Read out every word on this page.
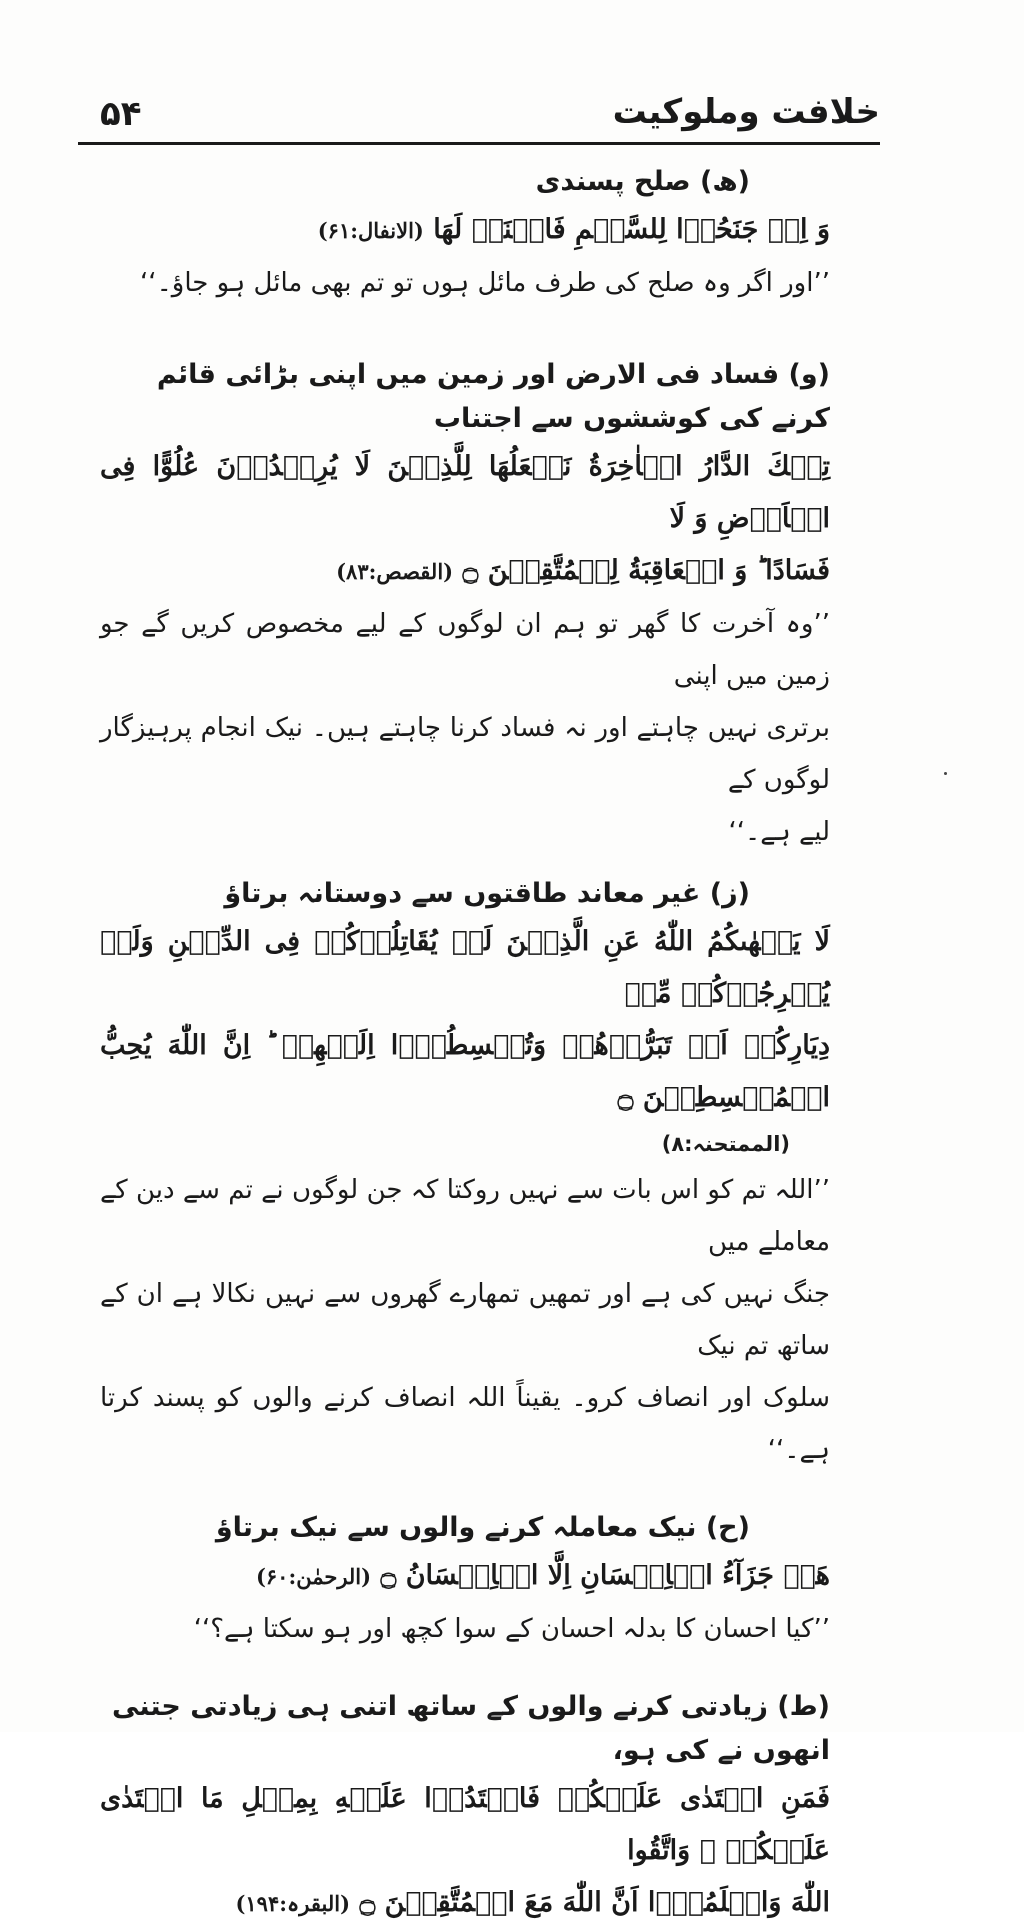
۵۴	خلافت وملوکیت

(ھ) صلح پسندی

وَ اِنۡ جَنَحُوۡا لِلسَّلۡمِ فَاجۡنَحۡ لَهَا (الانفال:۶۱)

’’اور اگر وہ صلح کی طرف مائل ہوں تو تم بھی مائل ہو جاؤ۔‘‘

(و) فساد فی الارض اور زمین میں اپنی بڑائی قائم کرنے کی کوششوں سے اجتناب

تِلۡكَ الدَّارُ الۡاٰخِرَةُ نَجۡعَلُهَا لِلَّذِيۡنَ لَا يُرِيۡدُوۡنَ عُلُوًّا فِى الۡاَرۡضِ وَ لَا

فَسَادًا ؕ وَ الۡعَاقِبَةُ لِلۡمُتَّقِيۡنَ ۝ (القصص:۸۳)

’’وہ آخرت کا گھر تو ہم ان لوگوں کے لیے مخصوص کریں گے جو زمین میں اپنی

برتری نہیں چاہتے اور نہ فساد کرنا چاہتے ہیں۔ نیک انجام پرہیزگار لوگوں کے

لیے ہے۔‘‘

(ز) غیر معاند طاقتوں سے دوستانہ برتاؤ

لَا يَنۡهٰٮكُمُ اللّٰهُ عَنِ الَّذِيۡنَ لَمۡ يُقَاتِلُوۡكُمۡ فِى الدِّيۡنِ وَلَمۡ يُخۡرِجُوۡكُمۡ مِّنۡ

دِيَارِكُمۡ اَنۡ تَبَرُّوۡهُمۡ وَتُقۡسِطُوۡۤا اِلَيۡهِمۡ ؕ اِنَّ اللّٰهَ يُحِبُّ الۡمُقۡسِطِيۡنَ ۝

(الممتحنہ:۸)

’’اللہ تم کو اس بات سے نہیں روکتا کہ جن لوگوں نے تم سے دین کے معاملے میں

جنگ نہیں کی ہے اور تمھیں تمھارے گھروں سے نہیں نکالا ہے ان کے ساتھ تم نیک

سلوک اور انصاف کرو۔ یقیناً اللہ انصاف کرنے والوں کو پسند کرتا ہے۔‘‘

(ح) نیک معاملہ کرنے والوں سے نیک برتاؤ

هَلۡ جَزَآءُ الۡاِحۡسَانِ اِلَّا الۡاِحۡسَانُ ۝ (الرحمٰن:۶۰)

’’کیا احسان کا بدلہ احسان کے سوا کچھ اور ہو سکتا ہے؟‘‘

(ط) زیادتی کرنے والوں کے ساتھ اتنی ہی زیادتی جتنی انھوں نے کی ہو،

فَمَنِ اعۡتَدٰى عَلَيۡكُمۡ فَاعۡتَدُوۡا عَلَيۡهِ بِمِثۡلِ مَا اعۡتَدٰى عَلَيۡكُمۡ ۚ وَاتَّقُوا

اللّٰهَ وَاعۡلَمُوۡۤا اَنَّ اللّٰهَ مَعَ الۡمُتَّقِيۡنَ ۝ (البقرہ:۱۹۴)
